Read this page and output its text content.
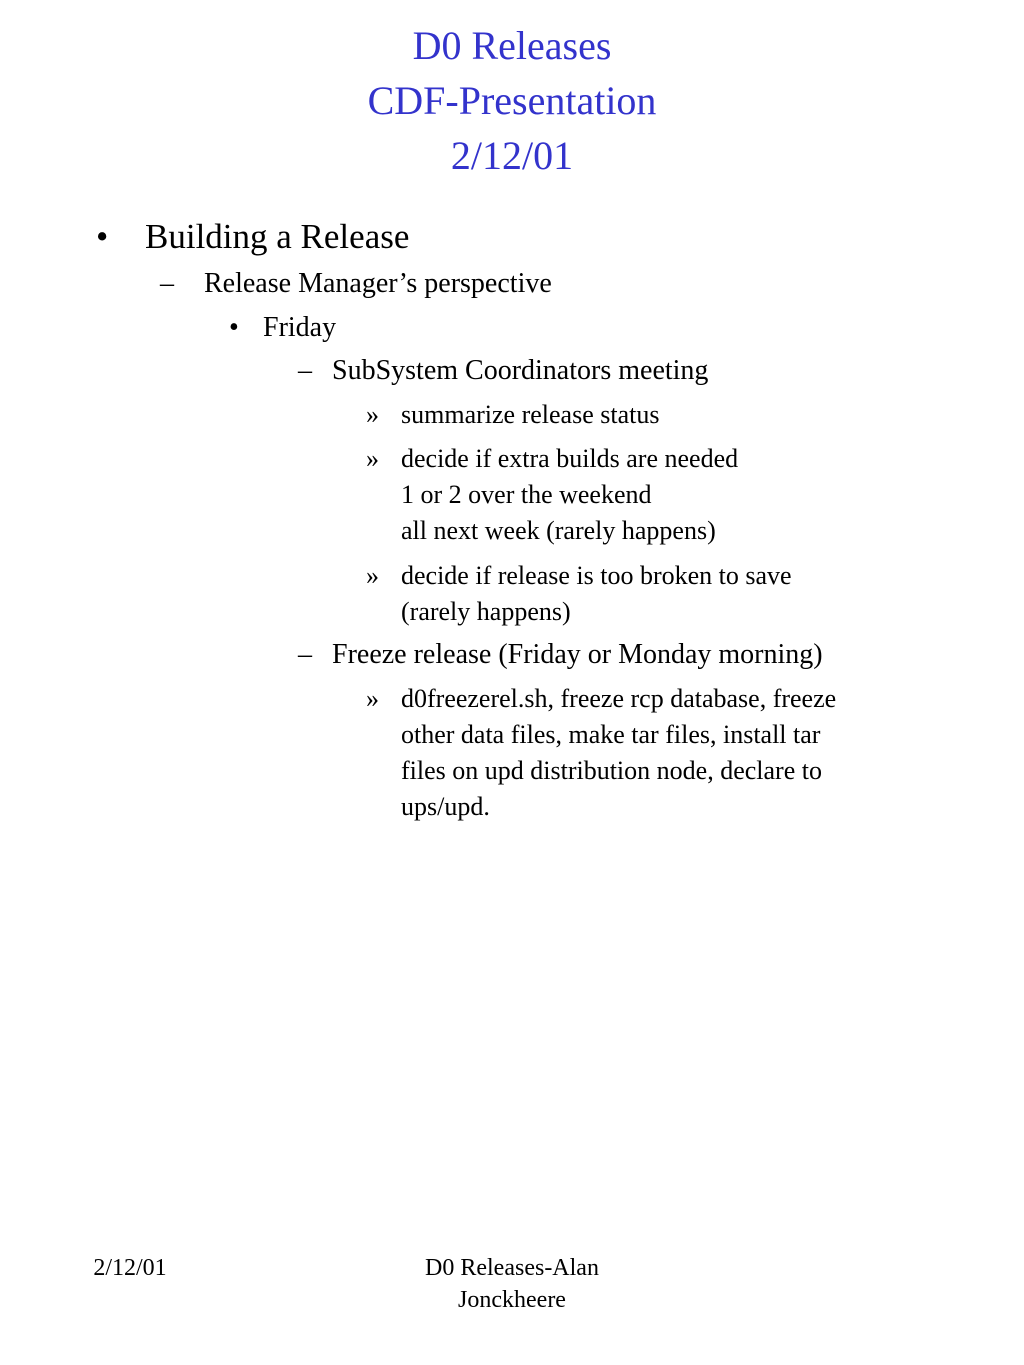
D0 Releases
CDF-Presentation
2/12/01
• Building a Release
– Release Manager’s perspective
• Friday
– SubSystem Coordinators meeting
» summarize release status
» decide if extra builds are needed
1 or 2 over the weekend
all next week (rarely happens)
» decide if release is too broken to save
(rarely happens)
– Freeze release (Friday or Monday morning)
» d0freezerel.sh, freeze rcp database, freeze
other data files, make tar files, install tar
files on upd distribution node, declare to
ups/upd.
2/12/01	D0 Releases-Alan
Jonckheere
